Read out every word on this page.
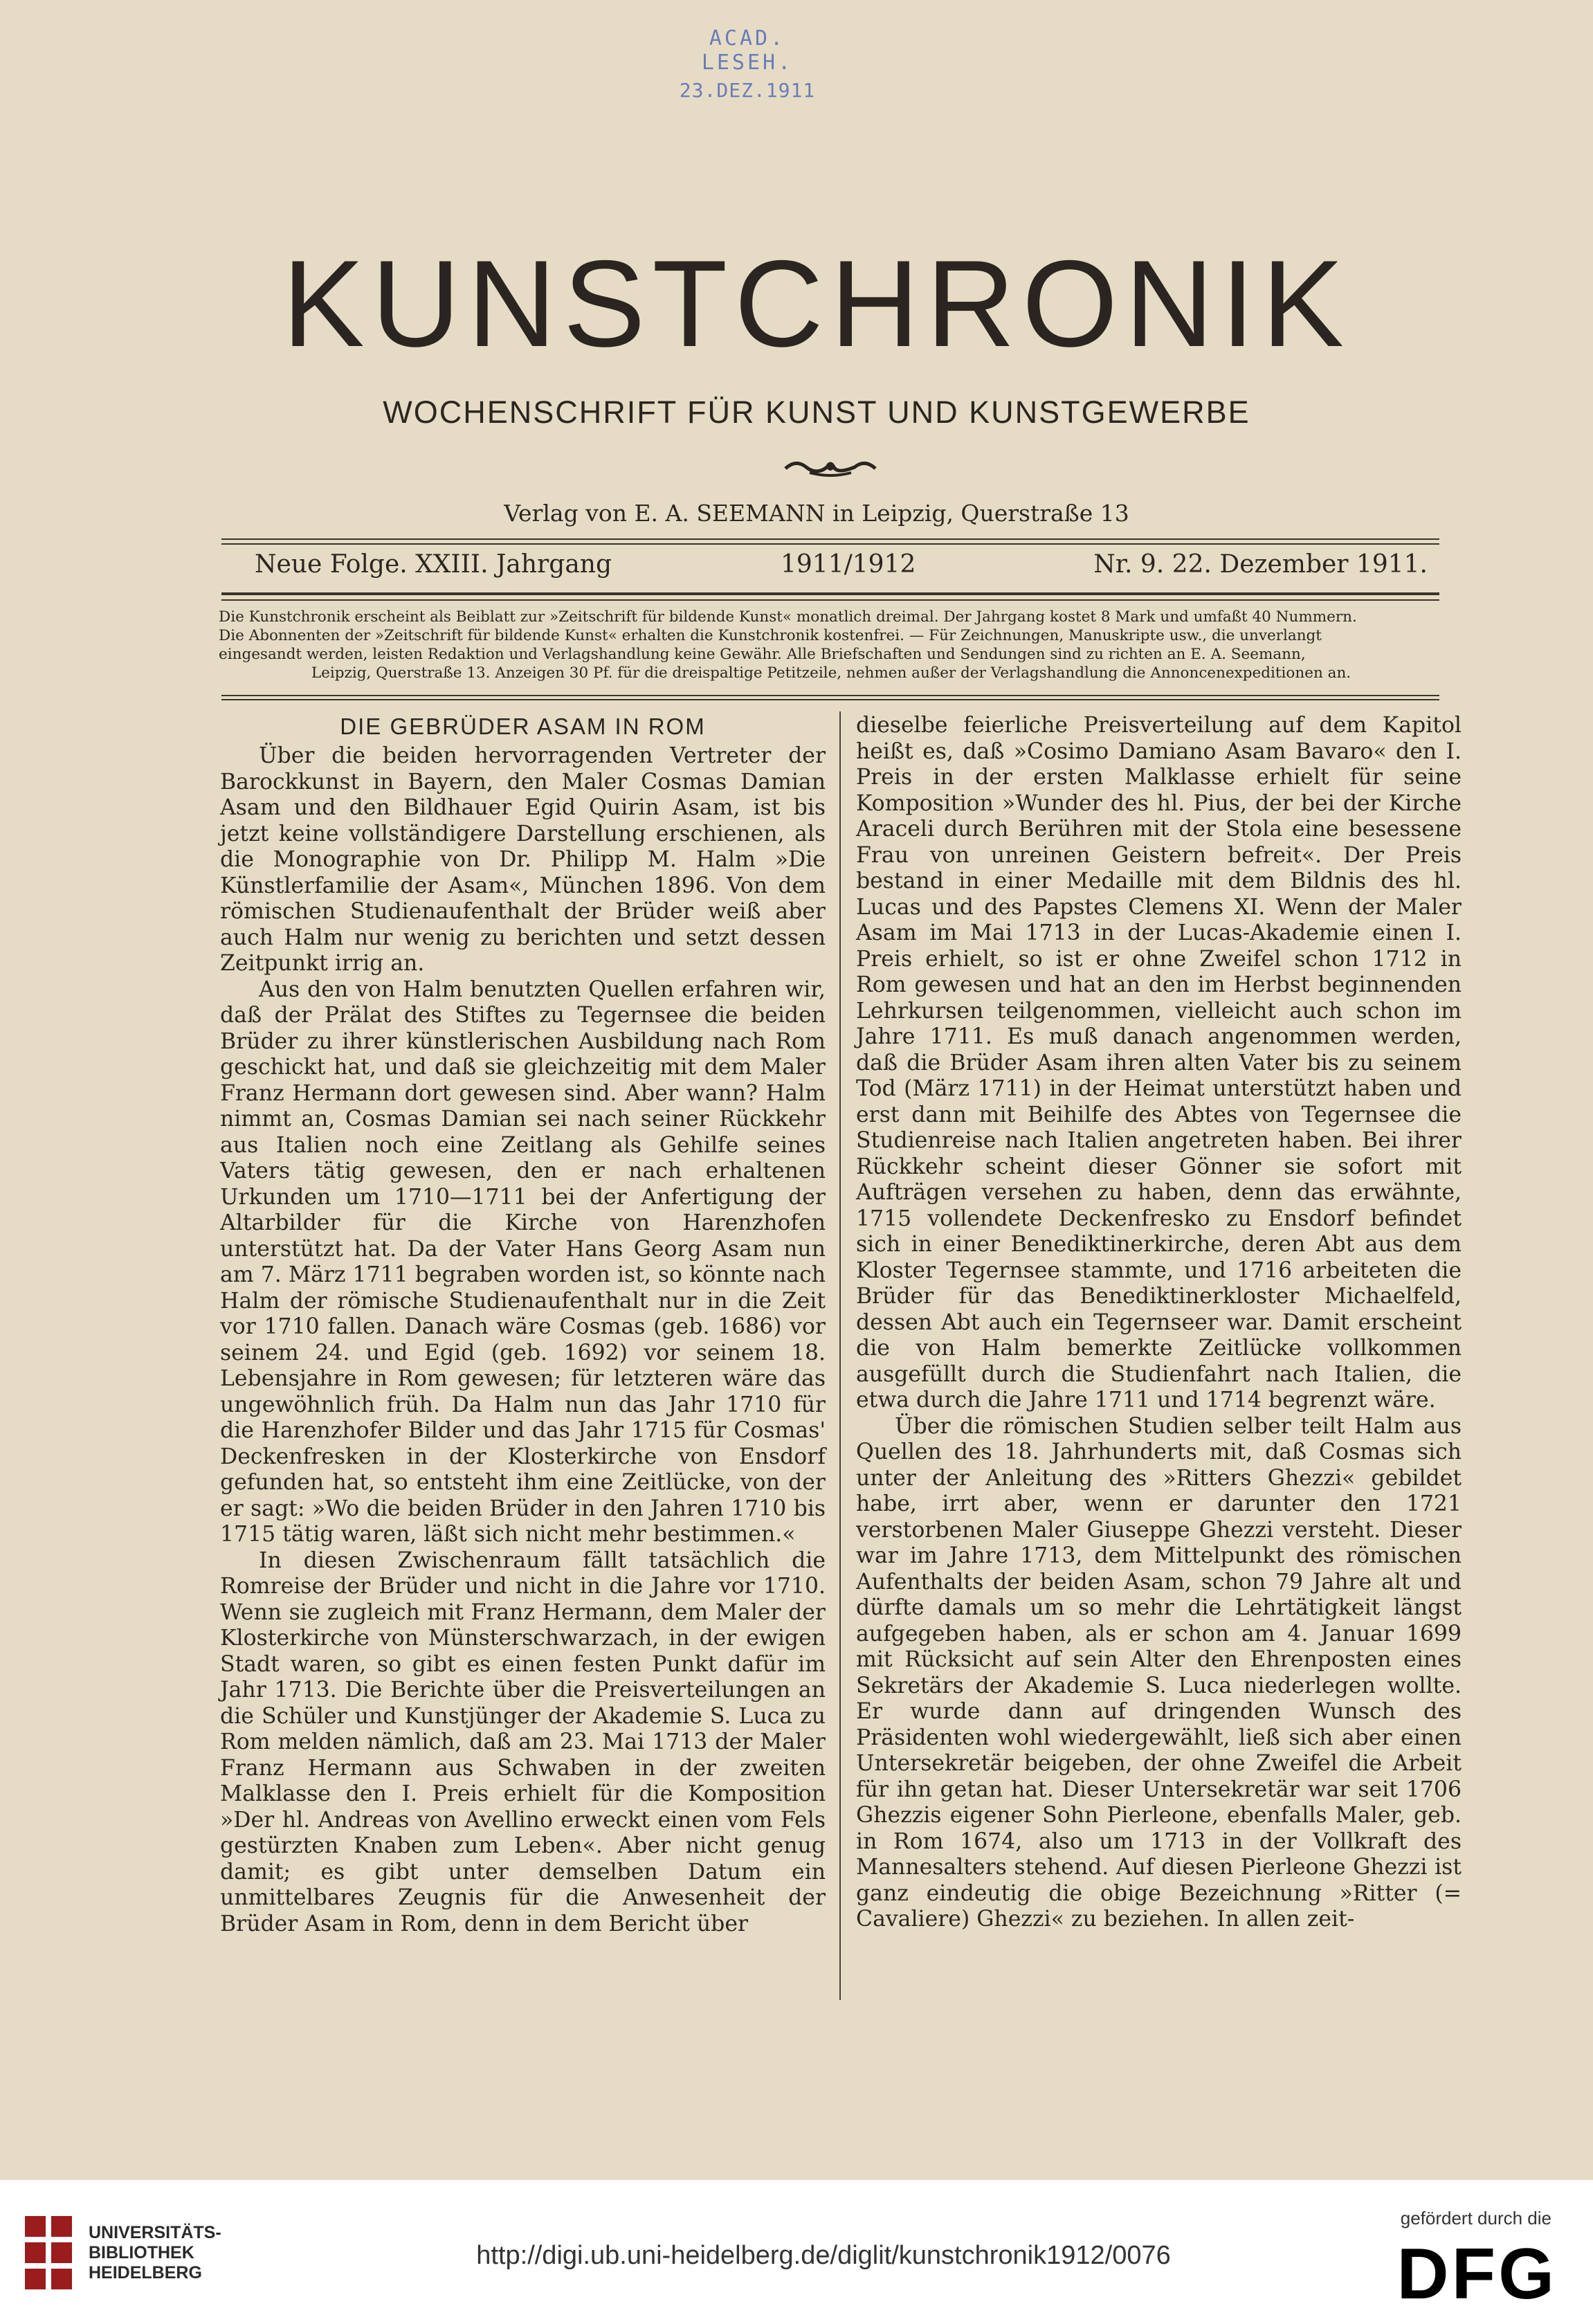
ACAD. LESEH.
23.DEZ.1911
KUNSTCHRONIK
WOCHENSCHRIFT FÜR KUNST UND KUNSTGEWERBE
Verlag von E. A. SEEMANN in Leipzig, Querstraße 13
Neue Folge. XXIII. Jahrgang	1911/1912	Nr. 9. 22. Dezember 1911.

Die Kunstchronik erscheint als Beiblatt zur »Zeitschrift für bildende Kunst« monatlich dreimal. Der Jahrgang kostet 8 Mark und umfaßt 40 Nummern.

Die Abonnenten der »Zeitschrift für bildende Kunst« erhalten die Kunstchronik kostenfrei. — Für Zeichnungen, Manuskripte usw., die unverlangt

eingesandt werden, leisten Redaktion und Verlagshandlung keine Gewähr. Alle Briefschaften und Sendungen sind zu richten an E. A. Seemann,

Leipzig, Querstraße 13. Anzeigen 30 Pf. für die dreispaltige Petitzeile, nehmen außer der Verlagshandlung die Annoncenexpeditionen an.

DIE GEBRÜDER ASAM IN ROM

Über die beiden hervorragenden Vertreter der Barockkunst in Bayern, den Maler Cosmas Damian Asam und den Bildhauer Egid Quirin Asam, ist bis jetzt keine vollständigere Darstellung erschienen, als die Monographie von Dr. Philipp M. Halm »Die Künstlerfamilie der Asam«, München 1896. Von dem römischen Studienaufenthalt der Brüder weiß aber auch Halm nur wenig zu berichten und setzt dessen Zeitpunkt irrig an.

Aus den von Halm benutzten Quellen erfahren wir, daß der Prälat des Stiftes zu Tegernsee die beiden Brüder zu ihrer künstlerischen Ausbildung nach Rom geschickt hat, und daß sie gleichzeitig mit dem Maler Franz Hermann dort gewesen sind. Aber wann? Halm nimmt an, Cosmas Damian sei nach seiner Rückkehr aus Italien noch eine Zeitlang als Gehilfe seines Vaters tätig gewesen, den er nach erhaltenen Urkunden um 1710—1711 bei der Anfertigung der Altarbilder für die Kirche von Harenzhofen unterstützt hat. Da der Vater Hans Georg Asam nun am 7. März 1711 begraben worden ist, so könnte nach Halm der römische Studienaufenthalt nur in die Zeit vor 1710 fallen. Danach wäre Cosmas (geb. 1686) vor seinem 24. und Egid (geb. 1692) vor seinem 18. Lebensjahre in Rom gewesen; für letzteren wäre das ungewöhnlich früh. Da Halm nun das Jahr 1710 für die Harenzhofer Bilder und das Jahr 1715 für Cosmas' Deckenfresken in der Klosterkirche von Ensdorf gefunden hat, so entsteht ihm eine Zeitlücke, von der er sagt: »Wo die beiden Brüder in den Jahren 1710 bis 1715 tätig waren, läßt sich nicht mehr bestimmen.«

In diesen Zwischenraum fällt tatsächlich die Romreise der Brüder und nicht in die Jahre vor 1710. Wenn sie zugleich mit Franz Hermann, dem Maler der Klosterkirche von Münsterschwarzach, in der ewigen Stadt waren, so gibt es einen festen Punkt dafür im Jahr 1713. Die Berichte über die Preisverteilungen an die Schüler und Kunstjünger der Akademie S. Luca zu Rom melden nämlich, daß am 23. Mai 1713 der Maler Franz Hermann aus Schwaben in der zweiten Malklasse den I. Preis erhielt für die Komposition »Der hl. Andreas von Avellino erweckt einen vom Fels gestürzten Knaben zum Leben«. Aber nicht genug damit; es gibt unter demselben Datum ein unmittelbares Zeugnis für die Anwesenheit der Brüder Asam in Rom, denn in dem Bericht über

dieselbe feierliche Preisverteilung auf dem Kapitol heißt es, daß »Cosimo Damiano Asam Bavaro« den I. Preis in der ersten Malklasse erhielt für seine Komposition »Wunder des hl. Pius, der bei der Kirche Araceli durch Berühren mit der Stola eine besessene Frau von unreinen Geistern befreit«. Der Preis bestand in einer Medaille mit dem Bildnis des hl. Lucas und des Papstes Clemens XI. Wenn der Maler Asam im Mai 1713 in der Lucas-Akademie einen I. Preis erhielt, so ist er ohne Zweifel schon 1712 in Rom gewesen und hat an den im Herbst beginnenden Lehrkursen teilgenommen, vielleicht auch schon im Jahre 1711. Es muß danach angenommen werden, daß die Brüder Asam ihren alten Vater bis zu seinem Tod (März 1711) in der Heimat unterstützt haben und erst dann mit Beihilfe des Abtes von Tegernsee die Studienreise nach Italien angetreten haben. Bei ihrer Rückkehr scheint dieser Gönner sie sofort mit Aufträgen versehen zu haben, denn das erwähnte, 1715 vollendete Deckenfresko zu Ensdorf befindet sich in einer Benediktinerkirche, deren Abt aus dem Kloster Tegernsee stammte, und 1716 arbeiteten die Brüder für das Benediktinerkloster Michaelfeld, dessen Abt auch ein Tegernseer war. Damit erscheint die von Halm bemerkte Zeitlücke vollkommen ausgefüllt durch die Studienfahrt nach Italien, die etwa durch die Jahre 1711 und 1714 begrenzt wäre.

Über die römischen Studien selber teilt Halm aus Quellen des 18. Jahrhunderts mit, daß Cosmas sich unter der Anleitung des »Ritters Ghezzi« gebildet habe, irrt aber, wenn er darunter den 1721 verstorbenen Maler Giuseppe Ghezzi versteht. Dieser war im Jahre 1713, dem Mittelpunkt des römischen Aufenthalts der beiden Asam, schon 79 Jahre alt und dürfte damals um so mehr die Lehrtätigkeit längst aufgegeben haben, als er schon am 4. Januar 1699 mit Rücksicht auf sein Alter den Ehrenposten eines Sekretärs der Akademie S. Luca niederlegen wollte. Er wurde dann auf dringenden Wunsch des Präsidenten wohl wiedergewählt, ließ sich aber einen Untersekretär beigeben, der ohne Zweifel die Arbeit für ihn getan hat. Dieser Untersekretär war seit 1706 Ghezzis eigener Sohn Pierleone, ebenfalls Maler, geb. in Rom 1674, also um 1713 in der Vollkraft des Mannesalters stehend. Auf diesen Pierleone Ghezzi ist ganz eindeutig die obige Bezeichnung »Ritter (= Cavaliere) Ghezzi« zu beziehen. In allen zeit-

UNIVERSITÄTS-
BIBLIOTHEK
HEIDELBERG
http://digi.ub.uni-heidelberg.de/diglit/kunstchronik1912/0076
gefördert durch die
DFG
